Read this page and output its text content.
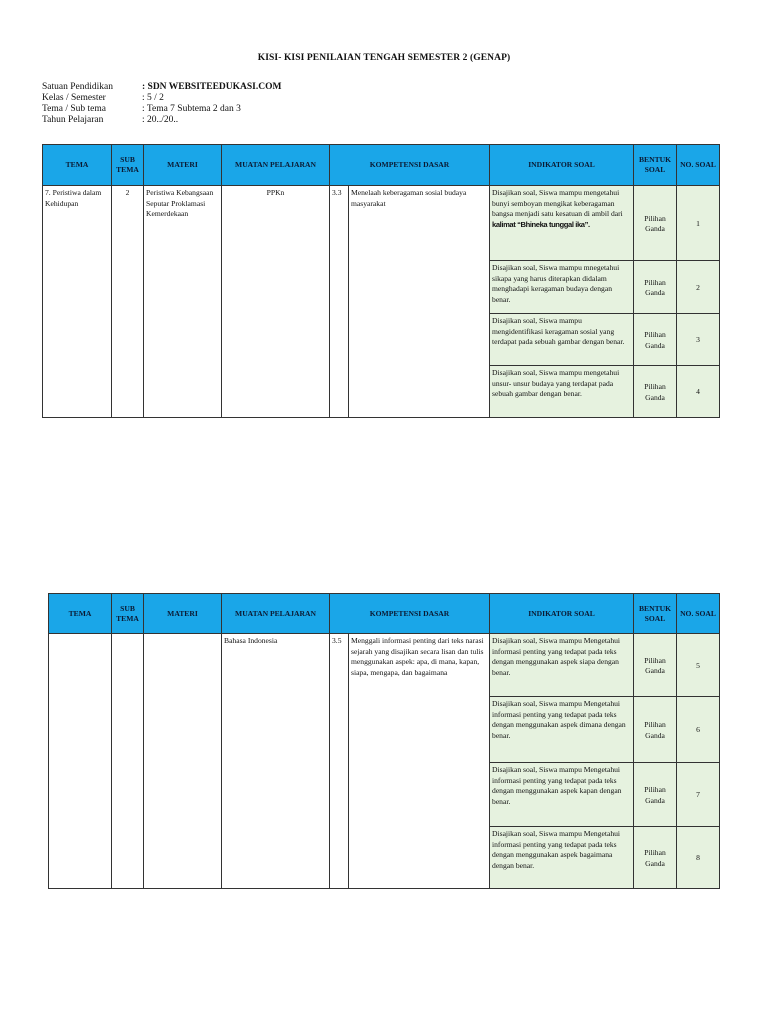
KISI- KISI PENILAIAN TENGAH SEMESTER 2 (GENAP)
Satuan Pendidikan	: SDN WEBSITEEDUKASI.COM
Kelas / Semester	: 5 / 2
Tema / Sub tema	: Tema 7 Subtema 2 dan 3
Tahun Pelajaran	: 20../20..
TEMA	SUB TEMA	MATERI	MUATAN PELAJARAN	KOMPETENSI DASAR		INDIKATOR SOAL	BENTUK SOAL	NO. SOAL
7. Peristiwa dalam Kehidupan	2	Peristiwa Kebangsaan Seputar Proklamasi Kemerdekaan	PPKn	3.3	Menelaah keberagaman sosial budaya masyarakat	Disajikan soal, Siswa mampu mengetahui bunyi semboyan mengikat keberagaman bangsa menjadi satu kesatuan di ambil dari kalimat “Bhineka tunggal ika”.	Pilihan Ganda	1
						Disajikan soal, Siswa mampu mnegetahui sikapa yang harus diterapkan didalam menghadapi keragaman budaya dengan benar.	Pilihan Ganda	2
						Disajikan soal, Siswa mampu mengidentifikasi keragaman sosial yang terdapat pada sebuah gambar dengan benar.	Pilihan Ganda	3
						Disajikan soal, Siswa mampu mengetahui unsur- unsur budaya yang terdapat pada sebuah gambar dengan benar.	Pilihan Ganda	4
TEMA	SUB TEMA	MATERI	MUATAN PELAJARAN	KOMPETENSI DASAR		INDIKATOR SOAL	BENTUK SOAL	NO. SOAL
			Bahasa Indonesia	3.5	Menggali informasi penting dari teks narasi sejarah yang disajikan secara lisan dan tulis menggunakan aspek: apa, di mana, kapan, siapa, mengapa, dan bagaimana	Disajikan soal, Siswa mampu Mengetahui informasi penting yang tedapat pada teks dengan menggunakan aspek siapa dengan benar.	Pilihan Ganda	5
						Disajikan soal, Siswa mampu Mengetahui informasi penting yang tedapat pada teks dengan menggunakan aspek dimana dengan benar.	Pilihan Ganda	6
						Disajikan soal, Siswa mampu Mengetahui informasi penting yang tedapat pada teks dengan menggunakan aspek kapan dengan benar.	Pilihan Ganda	7
						Disajikan soal, Siswa mampu Mengetahui informasi penting yang tedapat pada teks dengan menggunakan aspek bagaimana dengan benar.	Pilihan Ganda	8
